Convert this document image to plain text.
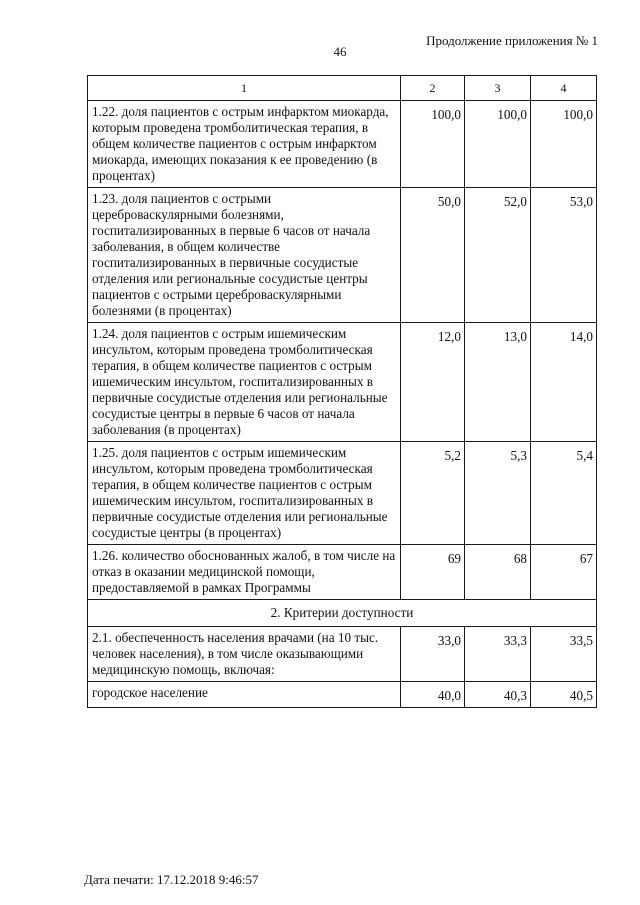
Продолжение приложения № 1
46
1	2	3	4
1.22. доля пациентов с острым инфарктом миокарда, которым проведена тромболитическая терапия, в общем количестве пациентов с острым инфарктом миокарда, имеющих показания к ее проведению (в процентах)	100,0	100,0	100,0
1.23. доля пациентов с острыми цереброваскулярными болезнями, госпитализированных в первые 6 часов от начала заболевания, в общем количестве госпитализированных в первичные сосудистые отделения или региональные сосудистые центры пациентов с острыми цереброваскулярными болезнями (в процентах)	50,0	52,0	53,0
1.24. доля пациентов с острым ишемическим инсультом, которым проведена тромболитическая терапия, в общем количестве пациентов с острым ишемическим инсультом, госпитализированных в первичные сосудистые отделения или региональные сосудистые центры в первые 6 часов от начала заболевания (в процентах)	12,0	13,0	14,0
1.25. доля пациентов с острым ишемическим инсультом, которым проведена тромболитическая терапия, в общем количестве пациентов с острым ишемическим инсультом, госпитализированных в первичные сосудистые отделения или региональные сосудистые центры (в процентах)	5,2	5,3	5,4
1.26. количество обоснованных жалоб, в том числе на отказ в оказании медицинской помощи, предоставляемой в рамках Программы	69	68	67
2. Критерии доступности			
2.1. обеспеченность населения врачами (на 10 тыс. человек населения), в том числе оказывающими медицинскую помощь, включая:	33,0	33,3	33,5
городское население	40,0	40,3	40,5
Дата печати: 17.12.2018 9:46:57
